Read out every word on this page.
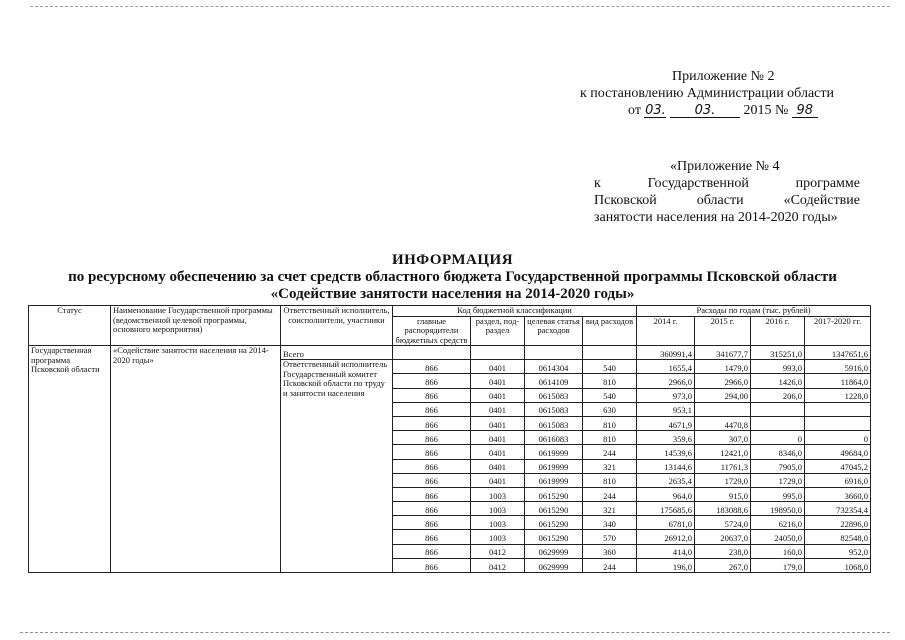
Приложение № 2
к постановлению Администрации области
от 03. 03. 2015 № 98
«Приложение № 4
к Государственной программе
Псковской области «Содействие
занятости населения на 2014-2020 годы»
ИНФОРМАЦИЯ
по ресурсному обеспечению за счет средств областного бюджета Государственной программы Псковской области
«Содействие занятости населения на 2014-2020 годы»
Статус	Наименование Государственной программы (ведомственной целевой программы, основного мероприятия)	Ответственный исполнитель, соисполнители, участники	Код бюджетной классификации				Расходы по годам (тыс. рублей)			
			главные распорядители бюджетных средств	раздел, под-раздел	целевая статья расходов	вид расходов	2014 г.	2015 г.	2016 г.	2017-2020 гг.
Государственная программа Псковской области	«Содействие занятости населения на 2014-2020 годы»	Всего					360991,4	341677,7	315251,0	1347651,6
		Ответственный исполнитель Государственный комитет Псковской области по труду и занятости населения	866	0401	0614304	540	1655,4	1479,0	993,0	5916,0
			866	0401	0614109	810	2966,0	2966,0	1426,0	11864,0
			866	0401	0615083	540	973,0	294,00	206,0	1228,0
			866	0401	0615083	630	953,1			
			866	0401	0615083	810	4671,9	4470,8		
			866	0401	0616083	810	359,6	307,0	0	0
			866	0401	0619999	244	14539,6	12421,0	8346,0	49684,0
			866	0401	0619999	321	13144,6	11761,3	7905,0	47045,2
			866	0401	0619999	810	2635,4	1729,0	1729,0	6916,0
			866	1003	0615290	244	964,0	915,0	995,0	3660,0
			866	1003	0615290	321	175685,6	183088,6	198950,0	732354,4
			866	1003	0615290	340	6781,0	5724,0	6216,0	22896,0
			866	1003	0615290	570	26912,0	20637,0	24050,0	82548,0
			866	0412	0629999	360	414,0	238,0	160,0	952,0
			866	0412	0629999	244	196,0	267,0	179,0	1068,0
